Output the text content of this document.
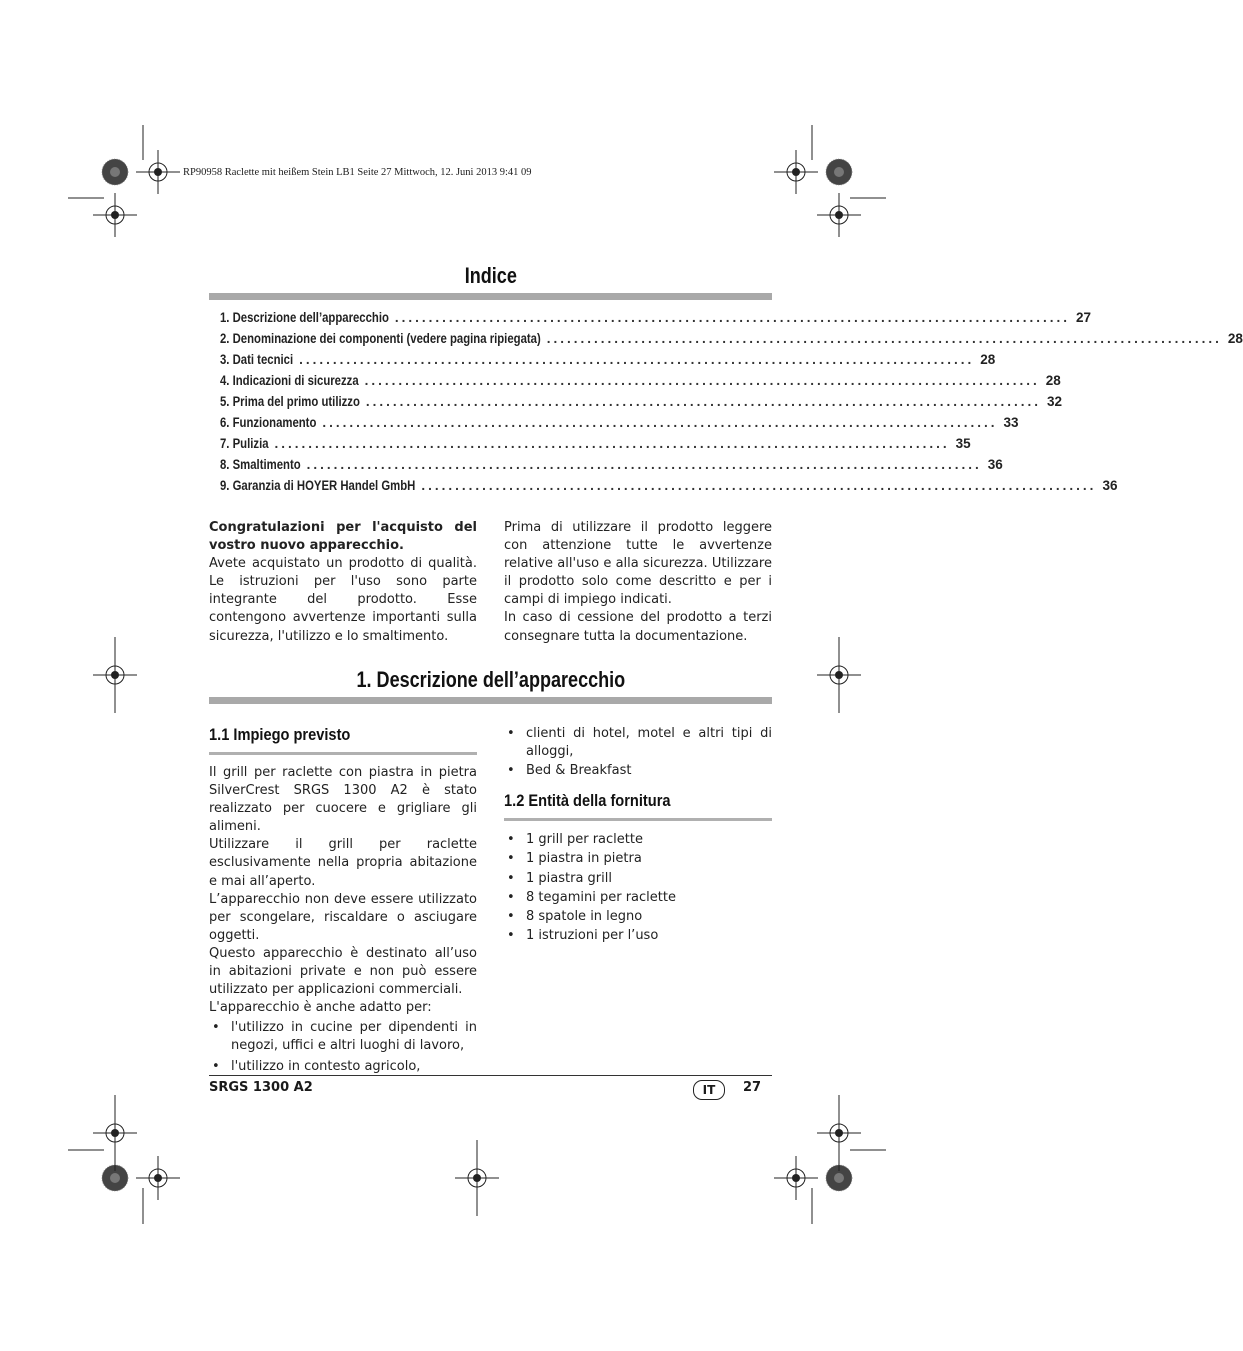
RP90958 Raclette mit heißem Stein LB1 Seite 27 Mittwoch, 12. Juni 2013 9:41 09
Indice
1. Descrizione dell’apparecchio .................................................................................................... 27
2. Denominazione dei componenti (vedere pagina ripiegata) .................................................................................................... 28
3. Dati tecnici .................................................................................................... 28
4. Indicazioni di sicurezza .................................................................................................... 28
5. Prima del primo utilizzo .................................................................................................... 32
6. Funzionamento .................................................................................................... 33
7. Pulizia .................................................................................................... 35
8. Smaltimento .................................................................................................... 36
9. Garanzia di HOYER Handel GmbH .................................................................................................... 36

Congratulazioni per l'acquisto del vostro nuovo apparecchio.

Avete acquistato un prodotto di qualità. Le istruzioni per l'uso sono parte integrante del prodotto. Esse contengono avvertenze importanti sulla sicurezza, l'utilizzo e lo smaltimento.

Prima di utilizzare il prodotto leggere con attenzione tutte le avvertenze relative all'uso e alla sicurezza. Utilizzare il prodotto solo come descritto e per i campi di impiego indicati.

In caso di cessione del prodotto a terzi consegnare tutta la documentazione.

1. Descrizione dell’apparecchio
1.1 Impiego previsto

Il grill per raclette con piastra in pietra SilverCrest SRGS 1300 A2 è stato realizzato per cuocere e grigliare gli alimeni.

Utilizzare il grill per raclette esclusivamente nella propria abitazione e mai all’aperto.

L’apparecchio non deve essere utilizzato per scongelare, riscaldare o asciugare oggetti.

Questo apparecchio è destinato all’uso in abitazioni private e non può essere utilizzato per applicazioni commerciali.

L'apparecchio è anche adatto per:

• l'utilizzo in cucine per dipendenti in negozi, uffici e altri luoghi di lavoro,
• l'utilizzo in contesto agricolo,
• clienti di hotel, motel e altri tipi di alloggi,
• Bed & Breakfast
1.2 Entità della fornitura
• 1 grill per raclette
• 1 piastra in pietra
• 1 piastra grill
• 8 tegamini per raclette
• 8 spatole in legno
• 1 istruzioni per l’uso
SRGS 1300 A2	IT	27
